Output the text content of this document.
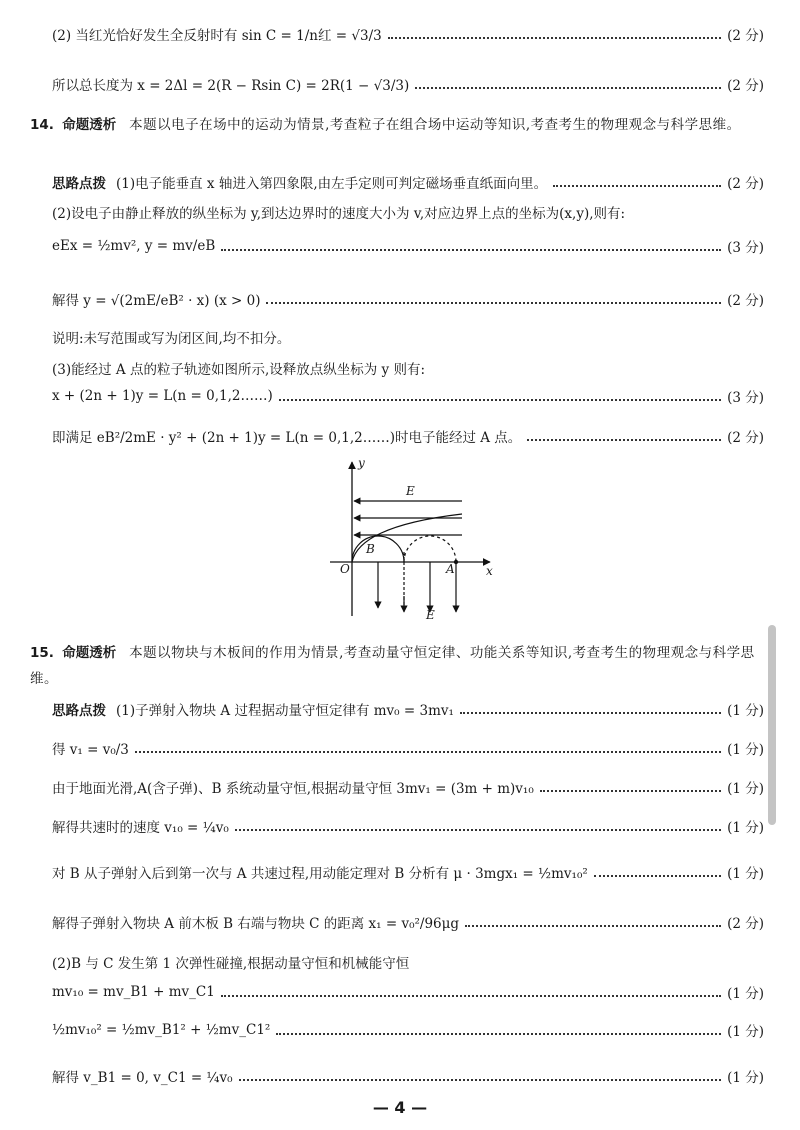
(2) 当红光恰好发生全反射时有 sin C = 1/n红 = √3/3	(2 分)
所以总长度为 x = 2Δl = 2(R − Rsin C) = 2R(1 − √3/3)	(2 分)
14. 命题透析 本题以电子在场中的运动为情景,考查粒子在组合场中运动等知识,考查考生的物理观念与科学思维。
思路点拨 (1)电子能垂直 x 轴进入第四象限,由左手定则可判定磁场垂直纸面向里。	(2 分)
(2)设电子由静止释放的纵坐标为 y,到达边界时的速度大小为 v,对应边界上点的坐标为(x,y),则有:
eEx = ½mv², y = mv/eB	(3 分)
解得 y = √(2mE/eB² · x) (x > 0)	(2 分)
说明:未写范围或写为闭区间,均不扣分。
(3)能经过 A 点的粒子轨迹如图所示,设释放点纵坐标为 y 则有:
x + (2n + 1)y = L(n = 0,1,2……)	(3 分)
即满足 eB²/2mE · y² + (2n + 1)y = L(n = 0,1,2……)时电子能经过 A 点。	(2 分)
y
x
O	A
E
E
B
15. 命题透析 本题以物块与木板间的作用为情景,考查动量守恒定律、功能关系等知识,考查考生的物理观念与科学思维。
思路点拨 (1)子弹射入物块 A 过程据动量守恒定律有 mv₀ = 3mv₁	(1 分)
得 v₁ = v₀/3	(1 分)
由于地面光滑,A(含子弹)、B 系统动量守恒,根据动量守恒 3mv₁ = (3m + m)v₁₀	(1 分)
解得共速时的速度 v₁₀ = ¼v₀	(1 分)
对 B 从子弹射入后到第一次与 A 共速过程,用动能定理对 B 分析有 μ · 3mgx₁ = ½mv₁₀²	(1 分)
解得子弹射入物块 A 前木板 B 右端与物块 C 的距离 x₁ = v₀²/96μg	(2 分)
(2)B 与 C 发生第 1 次弹性碰撞,根据动量守恒和机械能守恒
mv₁₀ = mv_B1 + mv_C1	(1 分)
½mv₁₀² = ½mv_B1² + ½mv_C1²	(1 分)
解得 v_B1 = 0, v_C1 = ¼v₀	(1 分)
— 4 —
